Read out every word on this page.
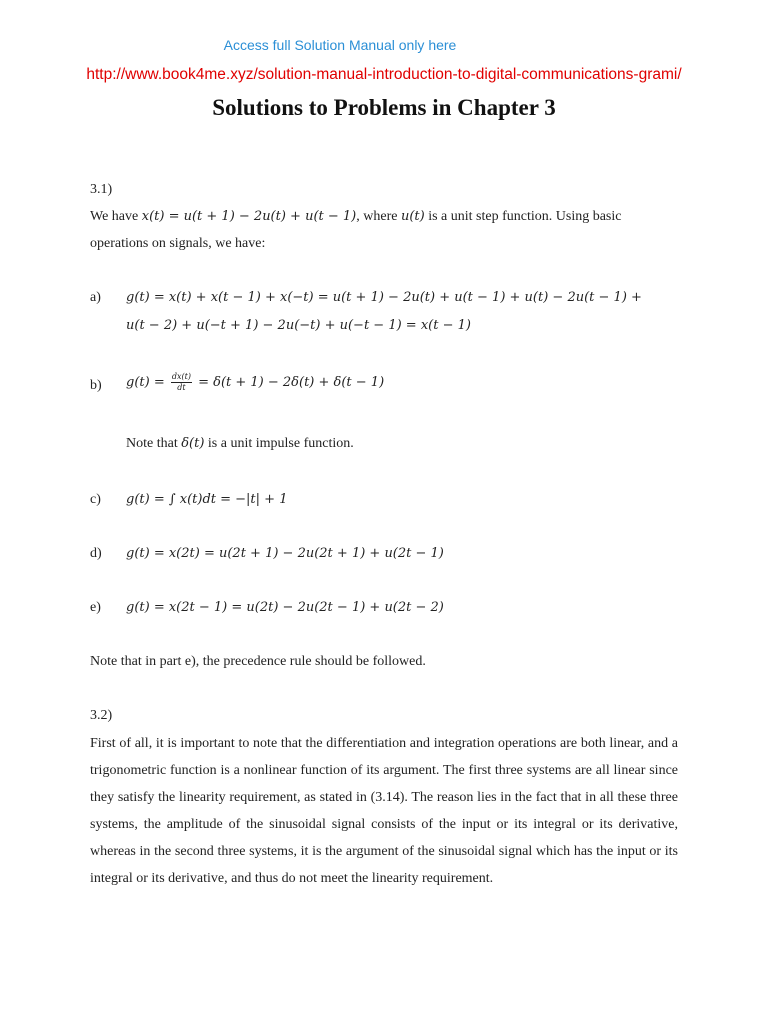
Access full Solution Manual only here
http://www.book4me.xyz/solution-manual-introduction-to-digital-communications-grami/
Solutions to Problems in Chapter 3
3.1)
We have x(t) = u(t + 1) − 2u(t) + u(t − 1), where u(t) is a unit step function. Using basic
operations on signals, we have:
a) g(t) = x(t) + x(t − 1) + x(−t) = u(t + 1) − 2u(t) + u(t − 1) + u(t) − 2u(t − 1) +
u(t − 2) + u(−t + 1) − 2u(−t) + u(−t − 1) = x(t − 1)
b) $g(t) = \frac{dx(t)}{dt} = \delta(t + 1) - 2\delta(t) + \delta(t - 1)$
Note that δ(t) is a unit impulse function.
c) g(t) = ∫ x(t)dt = −|t| + 1
d) g(t) = x(2t) = u(2t + 1) − 2u(2t + 1) + u(2t − 1)
e) g(t) = x(2t − 1) = u(2t) − 2u(2t − 1) + u(2t − 2)
Note that in part e), the precedence rule should be followed.
3.2)
First of all, it is important to note that the differentiation and integration operations are both linear, and a trigonometric function is a nonlinear function of its argument. The first three systems are all linear since they satisfy the linearity requirement, as stated in (3.14). The reason lies in the fact that in all these three systems, the amplitude of the sinusoidal signal consists of the input or its integral or its derivative, whereas in the second three systems, it is the argument of the sinusoidal signal which has the input or its integral or its derivative, and thus do not meet the linearity requirement.
